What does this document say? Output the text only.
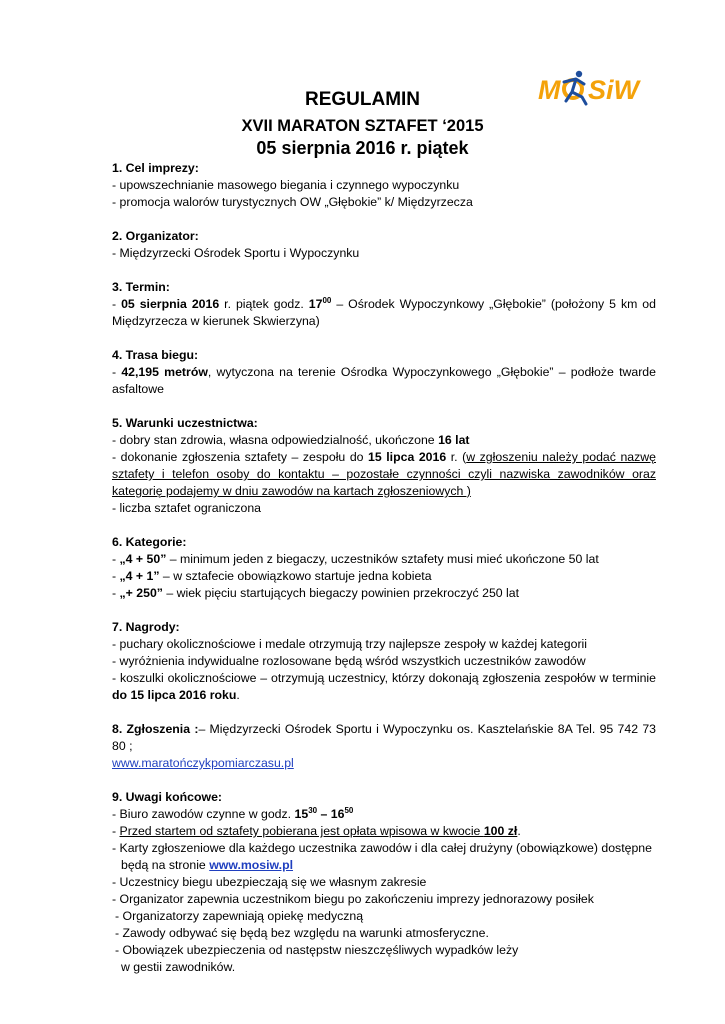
M SiW
REGULAMIN
XVII MARATON SZTAFET ‘2015
05 sierpnia 2016 r. piątek
1. Cel imprezy:
- upowszechnianie masowego biegania i czynnego wypoczynku
- promocja walorów turystycznych OW „Głębokie” k/ Międzyrzecza
2. Organizator:
- Międzyrzecki Ośrodek Sportu i Wypoczynku
3. Termin:
- 05 sierpnia 2016 r. piątek godz. $17^{00}$ – Ośrodek Wypoczynkowy „Głębokie” (położony 5 km od Międzyrzecza w kierunek Skwierzyna)
4. Trasa biegu:
- 42,195 metrów, wytyczona na terenie Ośrodka Wypoczynkowego „Głębokie” – podłoże twarde asfaltowe
5. Warunki uczestnictwa:
- dobry stan zdrowia, własna odpowiedzialność, ukończone 16 lat
- dokonanie zgłoszenia sztafety – zespołu do 15 lipca 2016 r. (w zgłoszeniu należy podać nazwę sztafety i telefon osoby do kontaktu – pozostałe czynności czyli nazwiska zawodników oraz kategorię podajemy w dniu zawodów na kartach zgłoszeniowych )
- liczba sztafet ograniczona
6. Kategorie:
- „4 + 50” – minimum jeden z biegaczy, uczestników sztafety musi mieć ukończone 50 lat
- „4 + 1” – w sztafecie obowiązkowo startuje jedna kobieta
- „+ 250” – wiek pięciu startujących biegaczy powinien przekroczyć 250 lat
7. Nagrody:
- puchary okolicznościowe i medale otrzymują trzy najlepsze zespoły w każdej kategorii
- wyróżnienia indywidualne rozlosowane będą wśród wszystkich uczestników zawodów
- koszulki okolicznościowe – otrzymują uczestnicy, którzy dokonają zgłoszenia zespołów w terminie do 15 lipca 2016 roku.
8. Zgłoszenia :– Międzyrzecki Ośrodek Sportu i Wypoczynku os. Kasztelańskie 8A Tel. 95 742 73 80 ;
www.maratończykpomiarczasu.pl
9. Uwagi końcowe:
- Biuro zawodów czynne w godz. $15^{30} - 16^{50}$
- Przed startem od sztafety pobierana jest opłata wpisowa w kwocie 100 zł.
- Karty zgłoszeniowe dla każdego uczestnika zawodów i dla całej drużyny (obowiązkowe) dostępne
będą na stronie www.mosiw.pl
- Uczestnicy biegu ubezpieczają się we własnym zakresie
- Organizator zapewnia uczestnikom biegu po zakończeniu imprezy jednorazowy posiłek
- Organizatorzy zapewniają opiekę medyczną
- Zawody odbywać się będą bez względu na warunki atmosferyczne.
- Obowiązek ubezpieczenia od następstw nieszczęśliwych wypadków leży
w gestii zawodników.
